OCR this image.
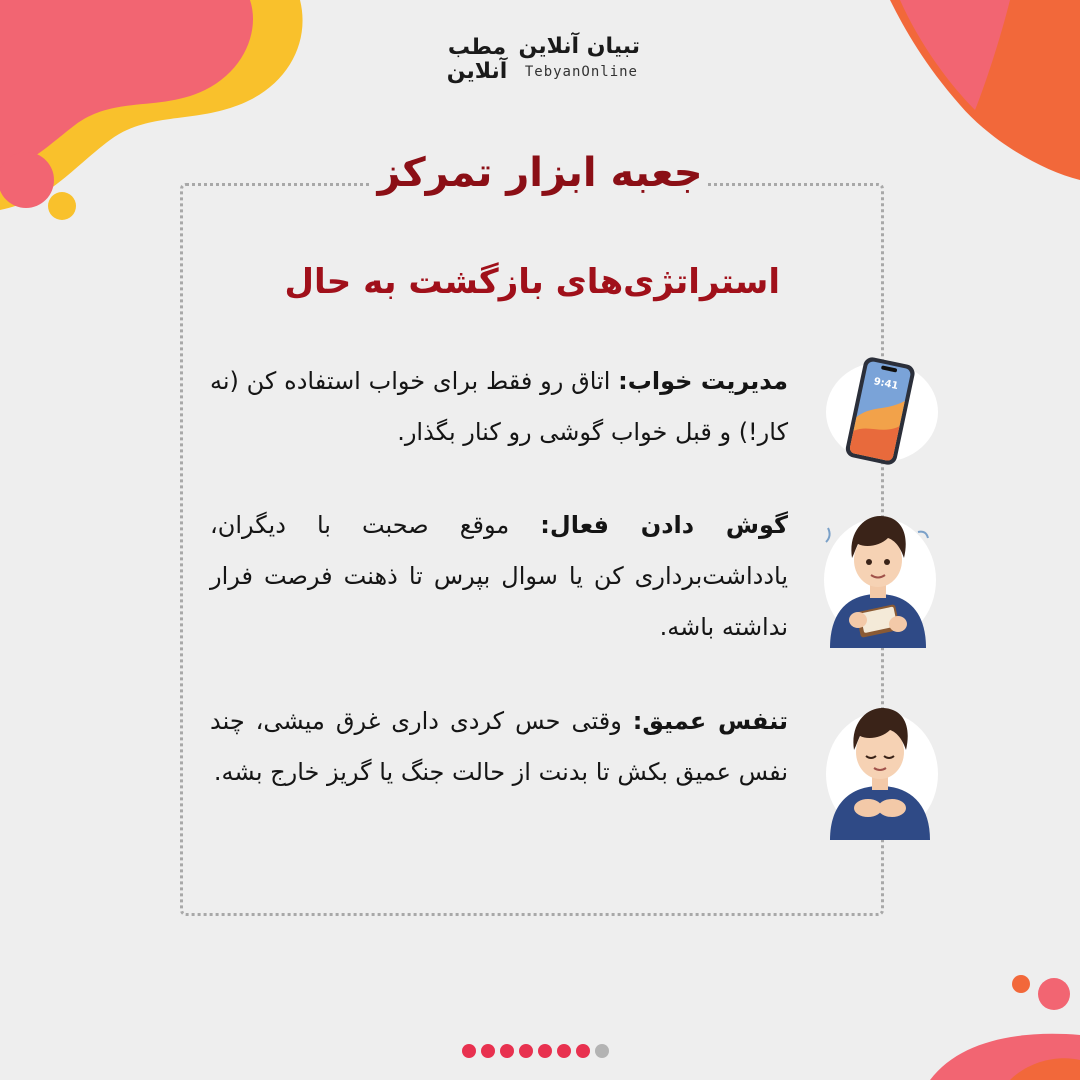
تبیان آنلاین
TebyanOnline
مطب آنلاین
جعبه ابزار تمرکز
استراتژی‌های بازگشت به حال
مدیریت خواب: اتاق رو فقط برای خواب استفاده کن (نه کار!) و قبل خواب گوشی رو کنار بگذار.
9:41
گوش دادن فعال: موقع صحبت با دیگران، یادداشت‌برداری کن یا سوال بپرس تا ذهنت فرصت فرار نداشته باشه.
تنفس عمیق: وقتی حس کردی داری غرق میشی، چند نفس عمیق بکش تا بدنت از حالت جنگ یا گریز خارج بشه.
